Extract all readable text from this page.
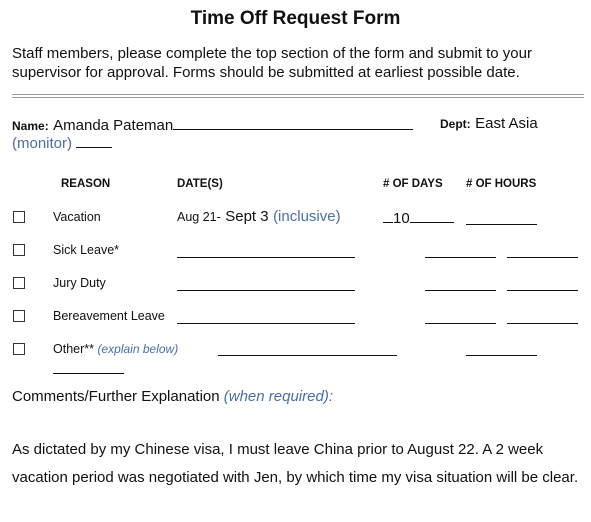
Time Off Request Form
Staff members, please complete the top section of the form and submit to your supervisor for approval. Forms should be submitted at earliest possible date.
Name: Amanda Pateman	Dept: East Asia
(monitor)
REASON	DATE(S)	# OF DAYS # OF HOURS
Vacation	Aug 21- Sept 3 (inclusive)	10
Sick Leave*
Jury Duty
Bereavement Leave
Other** (explain below)
Comments/Further Explanation (when required):
As dictated by my Chinese visa, I must leave China prior to August 22. A 2 week vacation period was negotiated with Jen, by which time my visa situation will be clear.
